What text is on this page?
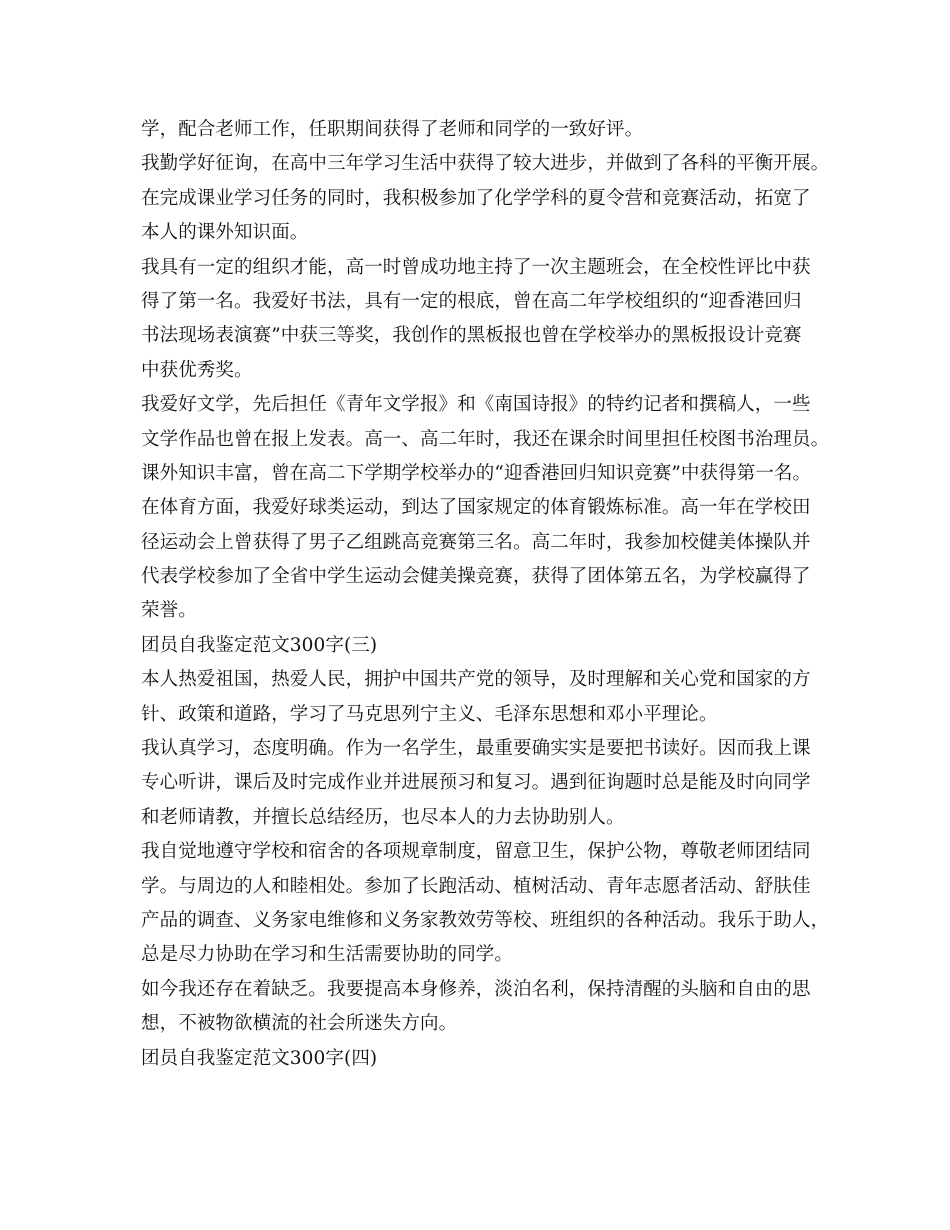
学，配合老师工作，任职期间获得了老师和同学的一致好评。
我勤学好征询，在高中三年学习生活中获得了较大进步，并做到了各科的平衡开展。
在完成课业学习任务的同时，我积极参加了化学学科的夏令营和竞赛活动，拓宽了
本人的课外知识面。
我具有一定的组织才能，高一时曾成功地主持了一次主题班会，在全校性评比中获
得了第一名。我爱好书法，具有一定的根底，曾在高二年学校组织的“迎香港回归
书法现场表演赛”中获三等奖，我创作的黑板报也曾在学校举办的黑板报设计竞赛
中获优秀奖。
我爱好文学，先后担任《青年文学报》和《南国诗报》的特约记者和撰稿人，一些
文学作品也曾在报上发表。高一、高二年时，我还在课余时间里担任校图书治理员。
课外知识丰富，曾在高二下学期学校举办的“迎香港回归知识竞赛”中获得第一名。
在体育方面，我爱好球类运动，到达了国家规定的体育锻炼标准。高一年在学校田
径运动会上曾获得了男子乙组跳高竞赛第三名。高二年时，我参加校健美体操队并
代表学校参加了全省中学生运动会健美操竞赛，获得了团体第五名，为学校赢得了
荣誉。
团员自我鉴定范文300字(三)
本人热爱祖国，热爱人民，拥护中国共产党的领导，及时理解和关心党和国家的方
针、政策和道路，学习了马克思列宁主义、毛泽东思想和邓小平理论。
我认真学习，态度明确。作为一名学生，最重要确实实是要把书读好。因而我上课
专心听讲，课后及时完成作业并进展预习和复习。遇到征询题时总是能及时向同学
和老师请教，并擅长总结经历，也尽本人的力去协助别人。
我自觉地遵守学校和宿舍的各项规章制度，留意卫生，保护公物，尊敬老师团结同
学。与周边的人和睦相处。参加了长跑活动、植树活动、青年志愿者活动、舒肤佳
产品的调查、义务家电维修和义务家教效劳等校、班组织的各种活动。我乐于助人，
总是尽力协助在学习和生活需要协助的同学。
如今我还存在着缺乏。我要提高本身修养，淡泊名利，保持清醒的头脑和自由的思
想，不被物欲横流的社会所迷失方向。
团员自我鉴定范文300字(四)
